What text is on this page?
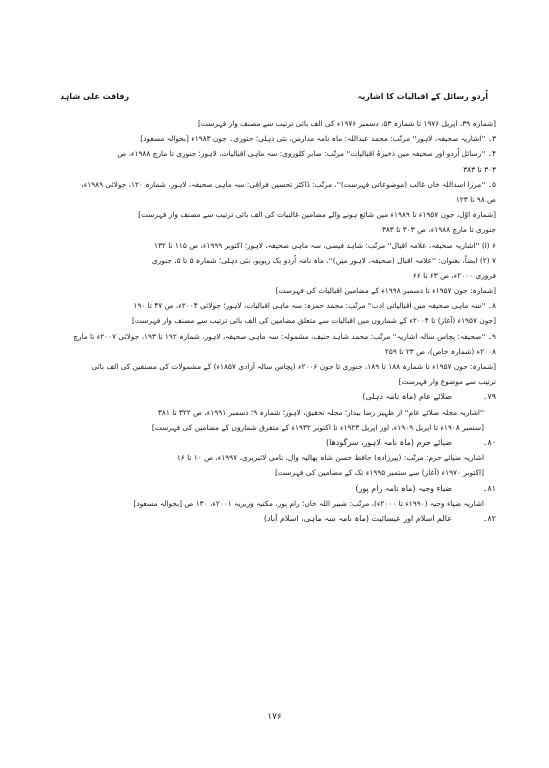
اُردو رسائل کے اقبالیات کا اشاریہ
رفاقت علی شاہد
[شمارہ ۳۹، اپریل ۱۹۷۶ تا شمارہ ۵۳، دسمبر ۱۹۷۶ء کی الف بائی ترتیب سے مصنف وار فہرست]
۳۔ ''اشاریہ صحیفہ، لاہور'' مرتّب: محمد عبداللہ: ماہ نامہ مدارس، نئی دہلی؛ جنوری۔ جون ۱۹۸۳ء [بحوالہ مسعود]
۴۔ ''رسائل اُردو اور صحیفہ میں ذخیرۂ اقبالیات'' مرتّب: صابر کلوروی: سہ ماہی اقبالیات، لاہور؛ جنوری تا مارچ ۱۹۸۸ء، ص
۳۰۳ تا ۳۸۳
۵۔ ''مرزا اسداللہ خاں غالب (موضوعاتی فہرست)''، مرتّب: ڈاکٹر تحسین فراقی: سہ ماہی صحیفہ، لاہور، شمارہ ۱۲۰، جولائی ۱۹۸۹ء،
ص ۹۸ تا ۱۲۳
[شمارہ اوّل، جون ۱۹۵۷ء تا ۱۹۸۹ء میں شائع ہونے والے مضامین غالبیات کی الف بائی ترتیب سے مصنف وار فہرست]
جنوری تا مارچ ۱۹۸۸ء، ص ۳۰۳ تا ۳۸۳
۶ (ا) ''اشاریہ صحیفہ، علامہ اقبال'' مرتّب: شاہد فیضی، سہ ماہی صحیفہ، لاہور؛ اکتوبر ۱۹۹۹ء، ص ۱۱۵ تا ۱۳۲
۷ (۲) ایضاً، بعنوان: ''علامہ اقبال (صحیفہ، لاہور میں)''، ماہ نامہ اُردو بک ریویو، نئی دہلی؛ شمارہ ۵ تا ۵، جنوری
فروری ۲۰۰۰ء، ص ۶۳ تا ۶۶
[شمارہ: جون ۱۹۵۷ء تا دسمبر ۱۹۹۸ء کے مضامین اقبالیات کی فہرست]
۸۔ ''سہ ماہی صحیفہ میں اقبالیاتی ادب'' مرتّب: محمد حمزہ: سہ ماہی اقبالیات، لاہور؛ جولائی ۲۰۰۴ء، ص ۴۷ تا ۱۹۰
[جون ۱۹۵۷ء (آغاز) تا ۲۰۰۴ء کے شماروں میں اقبالیات سے متعلق مضامین کی الف بائی ترتیب سے مصنف وار فہرست]
۹۔ ''صحیفہ: پچاس سالہ اشاریہ'' مرتّب: محمد شاہد حنیف، مشمولہ: سہ ماہی صحیفہ، لاہور، شمارہ ۱۹۲ تا ۱۹۳، جولائی ۲۰۰۷ء تا مارچ
۲۰۰۸ء (شمارہ خاص)، ص ۲۳ تا ۲۵۹
[شمارہ: جون ۱۹۵۷ء تا شمارہ ۱۸۸ تا ۱۸۹، جنوری تا جون ۲۰۰۶ء (پچاس سالہ آزادی ۱۸۵۷ء) کے مشمولات کی مصنفین کی الف بائی
ترتیب سے موضوع وار فہرست]
۷۹۔
صلائے عام (ماہ نامہ دہلی)
''اشاریہ مجلہ صلائے عام'' از ظہیر رضا بیدار؛ مجلہ تحقیق، لاہور؛ شمارہ ۹؛ دسمبر ۱۹۹۱ء، ص ۳۲۲ تا ۳۸۱
[ستمبر ۱۹۰۸ء تا اپریل ۱۹۰۹ء، اور اپریل ۱۹۲۳ء تا اکتوبر ۱۹۳۲ء کے متفرق شماروں کے مضامین کی فہرست]
۸۰۔
ضیائے حرم (ماہ نامہ لاہور، سرگودھا)
اشاریہ ضیائے حرم: مرتّب: (پیرزادہ) حافظ حسن شاہ پھالیہ وال، نامی لائبریری، ۱۹۹۷ء، ص ۱۰ تا ۱۶
[اکتوبر ۱۹۷۰ء (آغاز) سے ستمبر ۱۹۹۵ء تک کے مضامین کی فہرست]
۸۱۔
ضیاء وجیہ (ماہ نامہ رام پور)
اشاریہ ضیاء وجیہ (۱۹۹۰ء تا ۲۰۰۰ء)، مرتّب: شبیر اللہ خاں؛ رام پور، مکتبہ وزیریہ ۲۰۰۱ء، ۱۳۰ ص [بحوالہ مسعود]
۸۲۔
عالم اسلام اور عیسائیت (ماہ نامہ سہ ماہی، اسلام آباد)
۱۷۶
